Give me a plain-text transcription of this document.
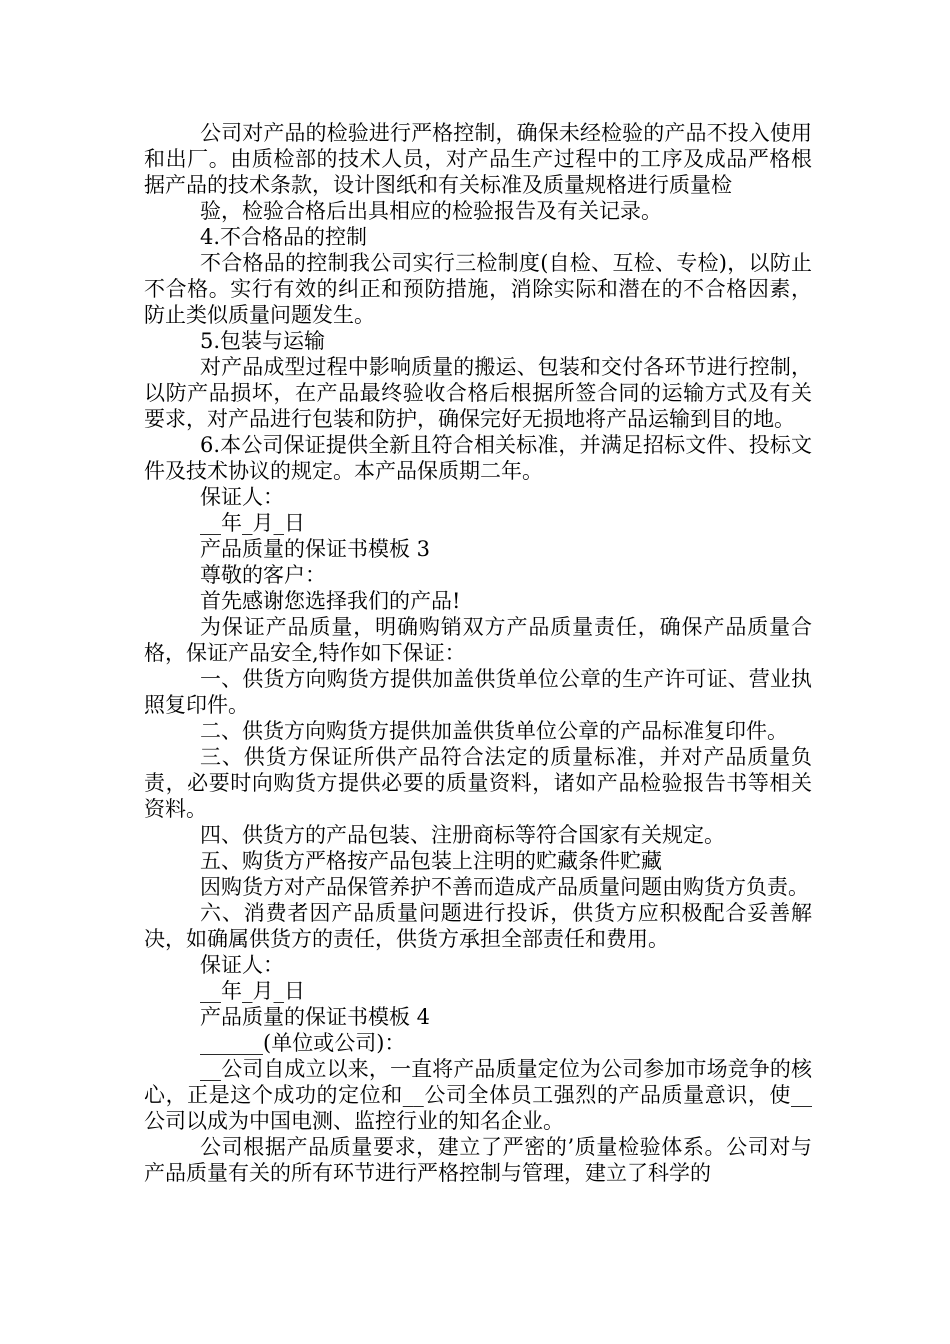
公司对产品的检验进行严格控制，确保未经检验的产品不投入使用和出厂。由质检部的技术人员，对产品生产过程中的工序及成品严格根据产品的技术条款，设计图纸和有关标准及质量规格进行质量检

验，检验合格后出具相应的检验报告及有关记录。

4.不合格品的控制

不合格品的控制我公司实行三检制度(自检、互检、专检)，以防止不合格。实行有效的纠正和预防措施，消除实际和潜在的不合格因素，防止类似质量问题发生。

5.包装与运输

对产品成型过程中影响质量的搬运、包装和交付各环节进行控制，以防产品损坏，在产品最终验收合格后根据所签合同的运输方式及有关要求，对产品进行包装和防护，确保完好无损地将产品运输到目的地。

6.本公司保证提供全新且符合相关标准，并满足招标文件、投标文件及技术协议的规定。本产品保质期二年。

保证人：

__年_月_日

产品质量的保证书模板 3

尊敬的客户：

首先感谢您选择我们的产品!

为保证产品质量，明确购销双方产品质量责任，确保产品质量合格，保证产品安全,特作如下保证：

一、供货方向购货方提供加盖供货单位公章的生产许可证、营业执照复印件。

二、供货方向购货方提供加盖供货单位公章的产品标准复印件。

三、供货方保证所供产品符合法定的质量标准，并对产品质量负责，必要时向购货方提供必要的质量资料，诸如产品检验报告书等相关资料。

四、供货方的产品包装、注册商标等符合国家有关规定。

五、购货方严格按产品包装上注明的贮藏条件贮藏

因购货方对产品保管养护不善而造成产品质量问题由购货方负责。

六、消费者因产品质量问题进行投诉，供货方应积极配合妥善解决，如确属供货方的责任，供货方承担全部责任和费用。

保证人：

__年_月_日

产品质量的保证书模板 4

______(单位或公司)：

__公司自成立以来，一直将产品质量定位为公司参加市场竞争的核心，正是这个成功的定位和__公司全体员工强烈的产品质量意识，使__公司以成为中国电测、监控行业的知名企业。

公司根据产品质量要求，建立了严密的’质量检验体系。公司对与产品质量有关的所有环节进行严格控制与管理，建立了科学的
